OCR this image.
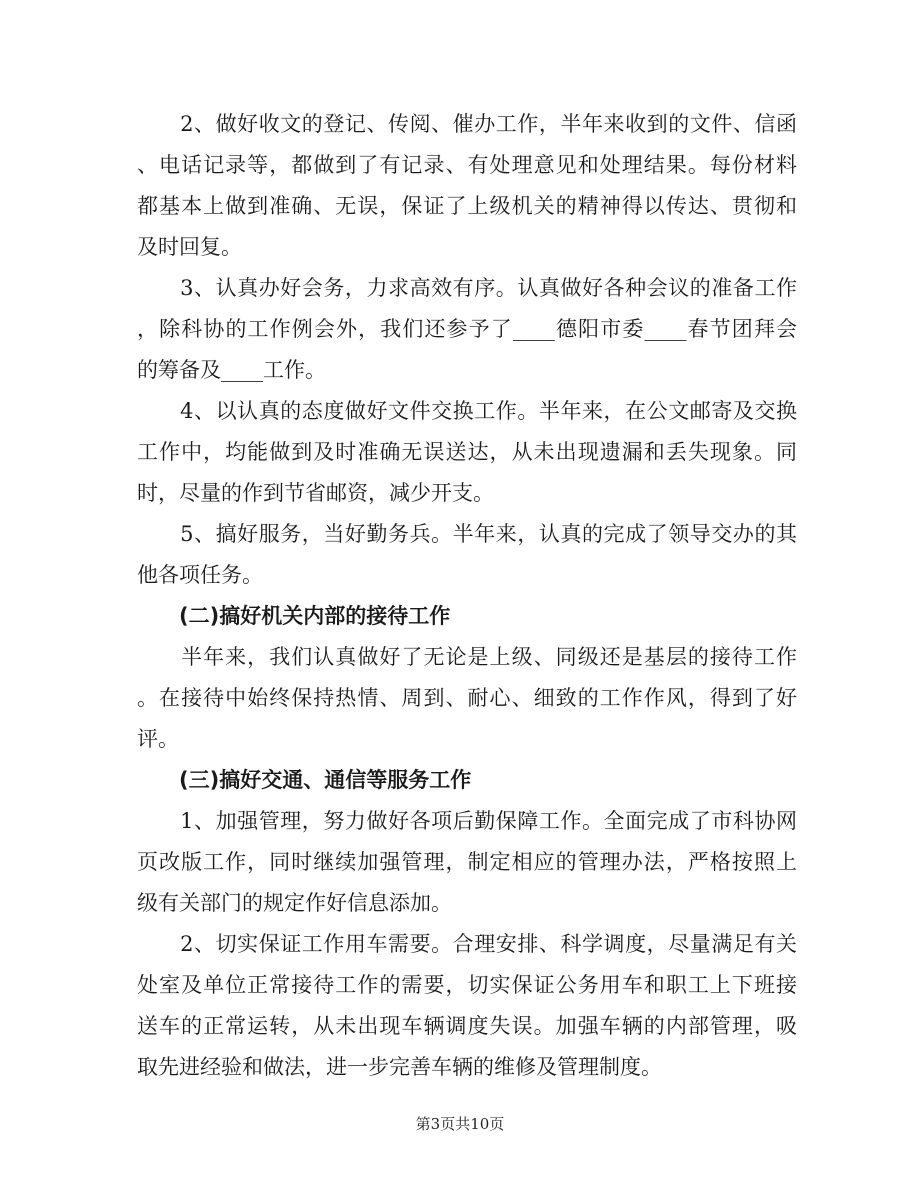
　　2、做好收文的登记、传阅、催办工作，半年来收到的文件、信函
、电话记录等，都做到了有记录、有处理意见和处理结果。每份材料
都基本上做到准确、无误，保证了上级机关的精神得以传达、贯彻和
及时回复。
　　3、认真办好会务，力求高效有序。认真做好各种会议的准备工作
，除科协的工作例会外，我们还参予了____德阳市委____春节团拜会
的筹备及____工作。
　　4、以认真的态度做好文件交换工作。半年来，在公文邮寄及交换
工作中，均能做到及时准确无误送达，从未出现遗漏和丢失现象。同
时，尽量的作到节省邮资，减少开支。
　　5、搞好服务，当好勤务兵。半年来，认真的完成了领导交办的其
他各项任务。
　　(二)搞好机关内部的接待工作
　　半年来，我们认真做好了无论是上级、同级还是基层的接待工作
。在接待中始终保持热情、周到、耐心、细致的工作作风，得到了好
评。
　　(三)搞好交通、通信等服务工作
　　1、加强管理，努力做好各项后勤保障工作。全面完成了市科协网
页改版工作，同时继续加强管理，制定相应的管理办法，严格按照上
级有关部门的规定作好信息添加。
　　2、切实保证工作用车需要。合理安排、科学调度，尽量满足有关
处室及单位正常接待工作的需要，切实保证公务用车和职工上下班接
送车的正常运转，从未出现车辆调度失误。加强车辆的内部管理，吸
取先进经验和做法，进一步完善车辆的维修及管理制度。
第3页共10页
